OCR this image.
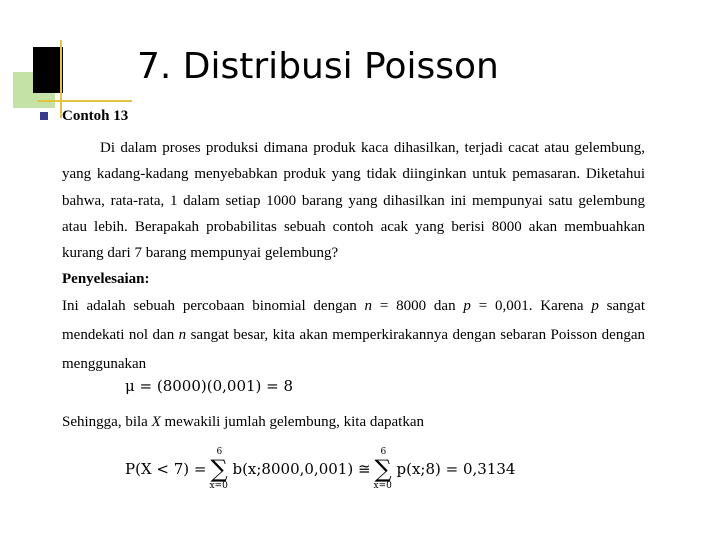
7. Distribusi Poisson
Contoh 13

Di dalam proses produksi dimana produk kaca dihasilkan, terjadi cacat atau gelembung, yang kadang-kadang menyebabkan produk yang tidak diinginkan untuk pemasaran. Diketahui bahwa, rata-rata, 1 dalam setiap 1000 barang yang dihasilkan ini mempunyai satu gelembung atau lebih. Berapakah probabilitas sebuah contoh acak yang berisi 8000 akan membuahkan kurang dari 7 barang mempunyai gelembung?

Penyelesaian:

Ini adalah sebuah percobaan binomial dengan n = 8000 dan p = 0,001. Karena p sangat mendekati nol dan n sangat besar, kita akan memperkirakannya dengan sebaran Poisson dengan menggunakan

μ = (8000)(0,001) = 8
Sehingga, bila X mewakili jumlah gelembung, kita dapatkan
P(X < 7) =
6
∑
x=0
b(x;8000,0,001) ≅
6
∑
x=0
p(x;8) = 0,3134
